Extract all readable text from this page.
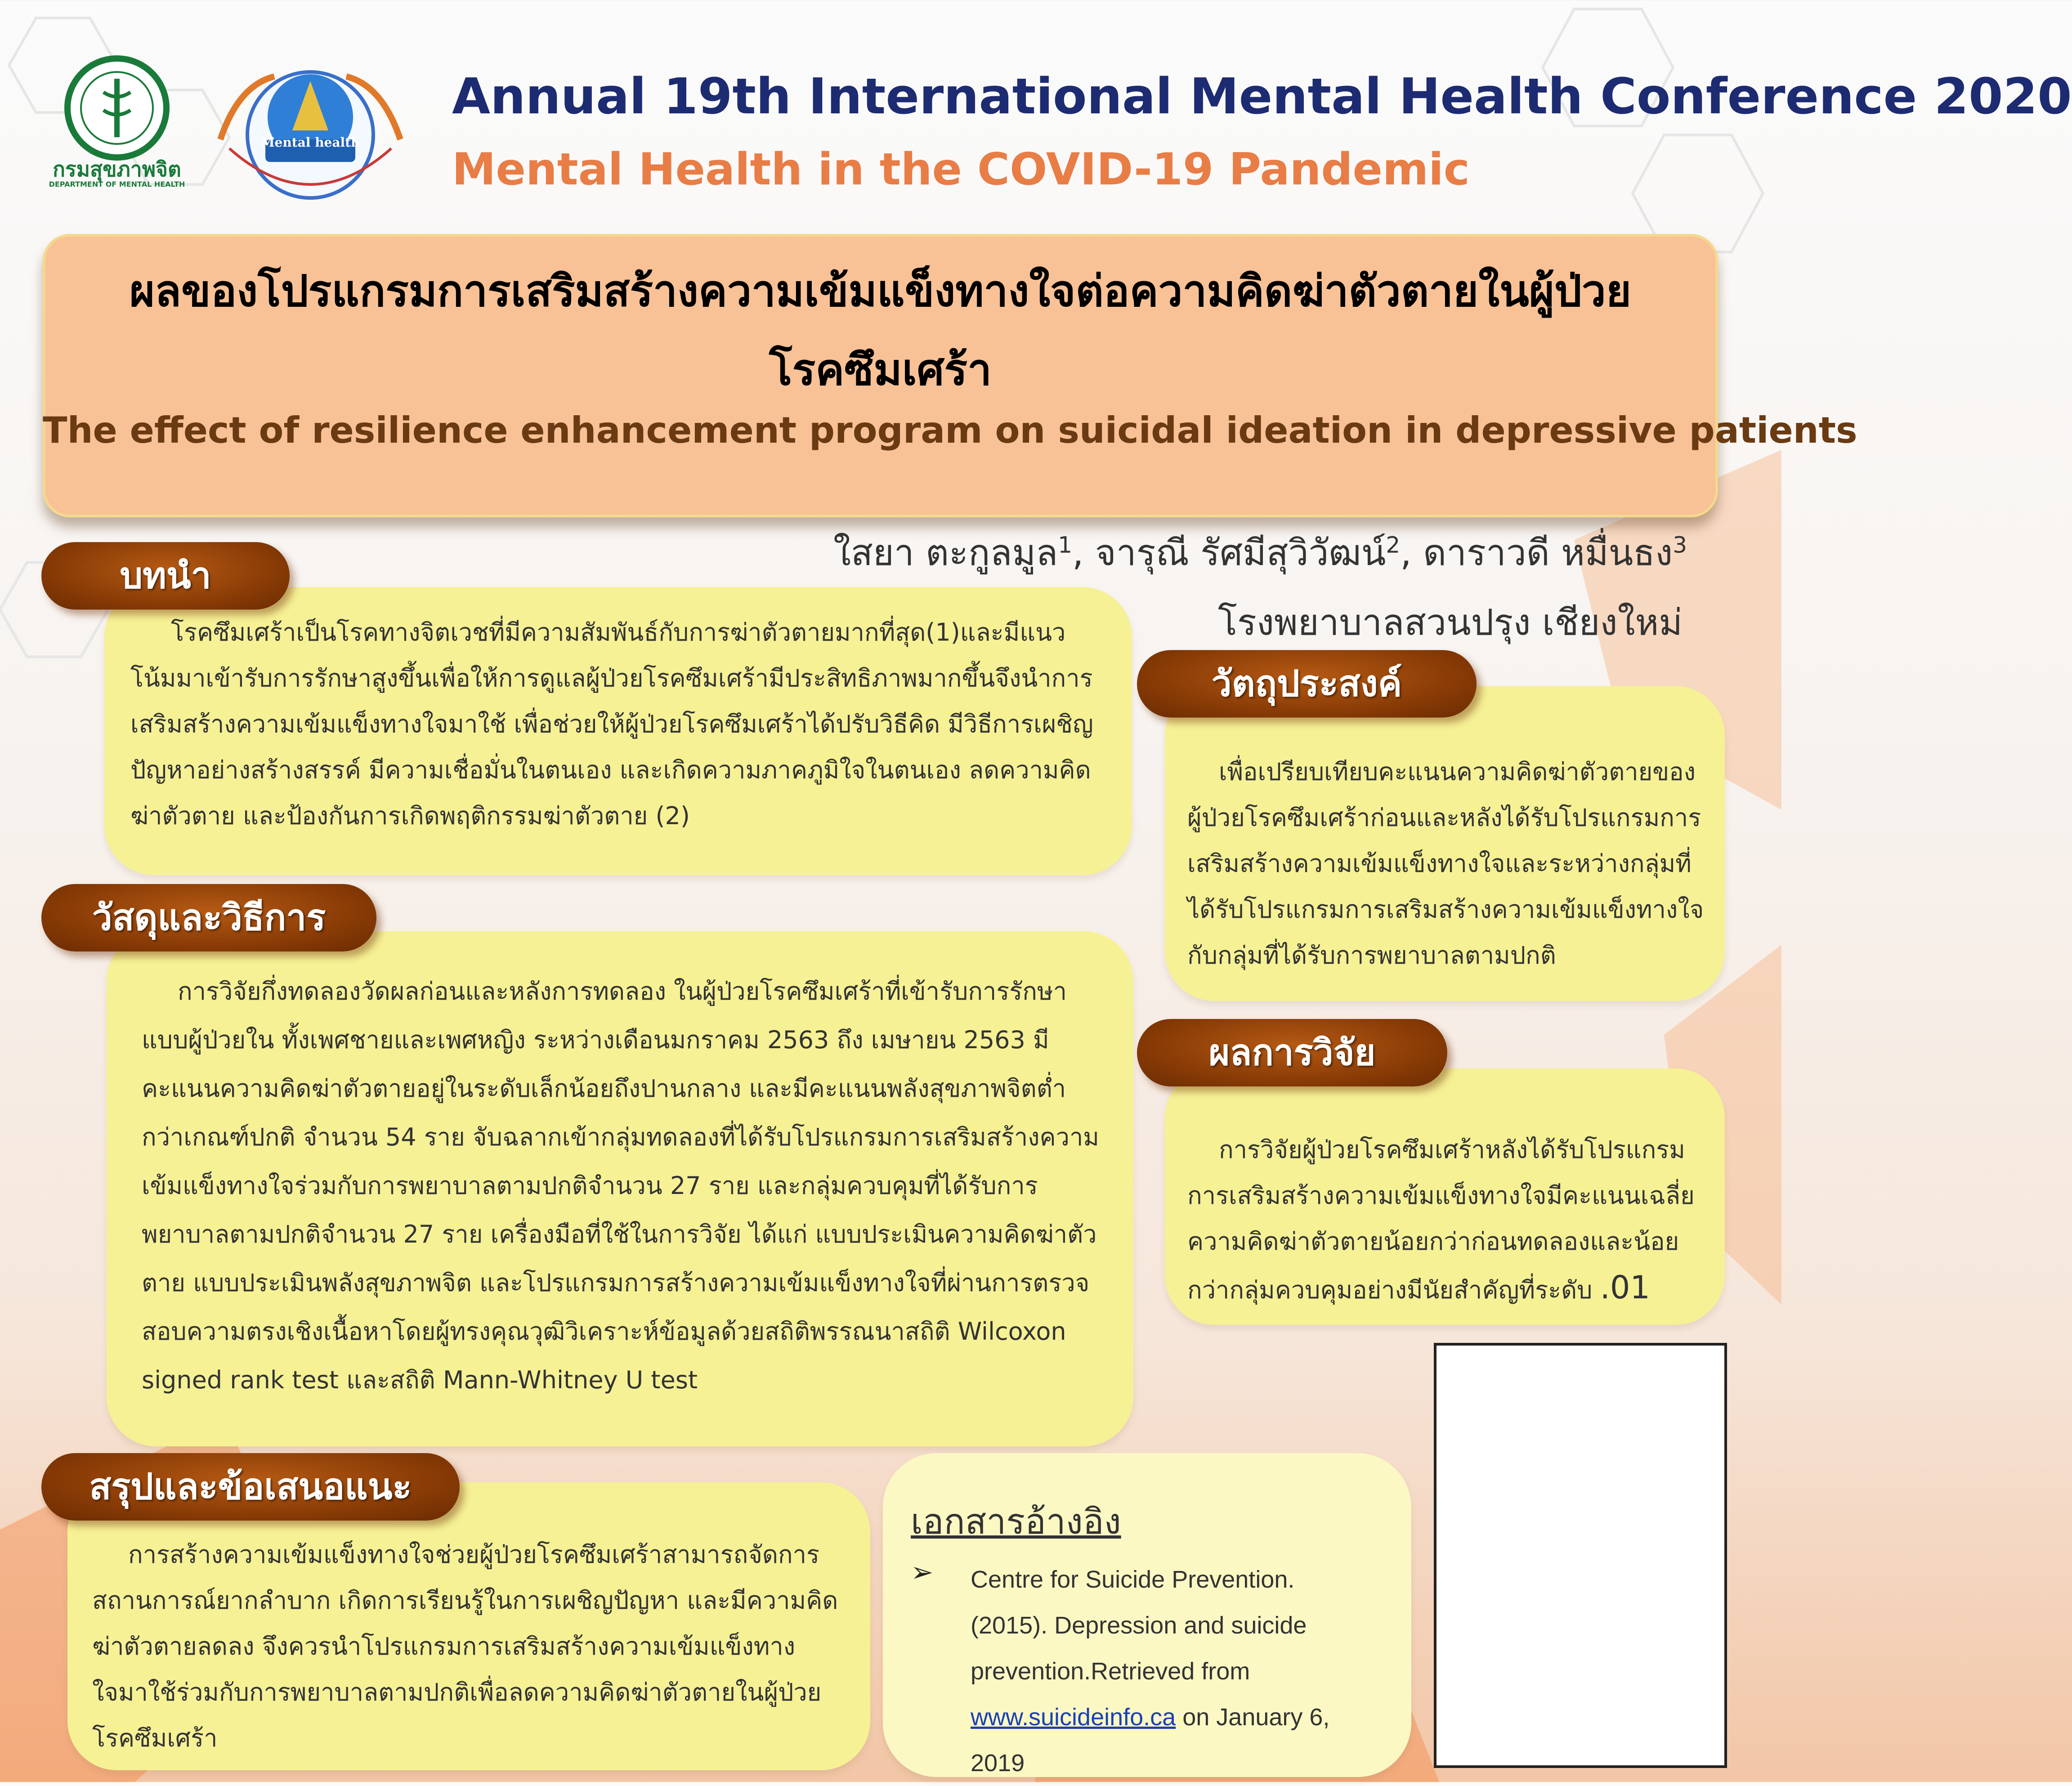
กรมสุขภาพจิต
DEPARTMENT OF MENTAL HEALTH
Mental health
Annual 19th International Mental Health Conference 2020
Mental Health in the COVID-19 Pandemic
ผลของโปรแกรมการเสริมสร้างความเข้มแข็งทางใจต่อความคิดฆ่าตัวตายในผู้ป่วยโรคซึมเศร้า
The effect of resilience enhancement program on suicidal ideation in depressive patients
ใสยา ตะกูลมูล$^1$, จารุณี รัศมีสุวิวัฒน์$^2$, ดาราวดี หมื่นธง$^3$
โรงพยาบาลสวนปรุง เชียงใหม่
โรคซึมเศร้าเป็นโรคทางจิตเวชที่มีความสัมพันธ์กับการฆ่าตัวตายมากที่สุด(1)และมีแนวโน้มมาเข้ารับการรักษาสูงขึ้นเพื่อให้การดูแลผู้ป่วยโรคซึมเศร้ามีประสิทธิภาพมากขึ้นจึงนำการเสริมสร้างความเข้มแข็งทางใจมาใช้ เพื่อช่วยให้ผู้ป่วยโรคซึมเศร้าได้ปรับวิธีคิด มีวิธีการเผชิญปัญหาอย่างสร้างสรรค์ มีความเชื่อมั่นในตนเอง และเกิดความภาคภูมิใจในตนเอง ลดความคิดฆ่าตัวตาย และป้องกันการเกิดพฤติกรรมฆ่าตัวตาย (2)
บทนำ
การวิจัยกึ่งทดลองวัดผลก่อนและหลังการทดลอง ในผู้ป่วยโรคซึมเศร้าที่เข้ารับการรักษาแบบผู้ป่วยใน ทั้งเพศชายและเพศหญิง ระหว่างเดือนมกราคม 2563 ถึง เมษายน 2563 มีคะแนนความคิดฆ่าตัวตายอยู่ในระดับเล็กน้อยถึงปานกลาง และมีคะแนนพลังสุขภาพจิตต่ำกว่าเกณฑ์ปกติ จำนวน 54 ราย จับฉลากเข้ากลุ่มทดลองที่ได้รับโปรแกรมการเสริมสร้างความเข้มแข็งทางใจร่วมกับการพยาบาลตามปกติจำนวน 27 ราย และกลุ่มควบคุมที่ได้รับการพยาบาลตามปกติจำนวน 27 ราย เครื่องมือที่ใช้ในการวิจัย ได้แก่ แบบประเมินความคิดฆ่าตัวตาย แบบประเมินพลังสุขภาพจิต และโปรแกรมการสร้างความเข้มแข็งทางใจที่ผ่านการตรวจสอบความตรงเชิงเนื้อหาโดยผู้ทรงคุณวุฒิวิเคราะห์ข้อมูลด้วยสถิติพรรณนาสถิติ Wilcoxon signed rank test และสถิติ Mann-Whitney U test
วัสดุและวิธีการ
การสร้างความเข้มแข็งทางใจช่วยผู้ป่วยโรคซึมเศร้าสามารถจัดการสถานการณ์ยากลำบาก เกิดการเรียนรู้ในการเผชิญปัญหา และมีความคิดฆ่าตัวตายลดลง จึงควรนำโปรแกรมการเสริมสร้างความเข้มแข็งทางใจมาใช้ร่วมกับการพยาบาลตามปกติเพื่อลดความคิดฆ่าตัวตายในผู้ป่วยโรคซึมเศร้า
สรุปและข้อเสนอแนะ
เพื่อเปรียบเทียบคะแนนความคิดฆ่าตัวตายของผู้ป่วยโรคซึมเศร้าก่อนและหลังได้รับโปรแกรมการเสริมสร้างความเข้มแข็งทางใจและระหว่างกลุ่มที่ได้รับโปรแกรมการเสริมสร้างความเข้มแข็งทางใจกับกลุ่มที่ได้รับการพยาบาลตามปกติ
วัตถุประสงค์
การวิจัยผู้ป่วยโรคซึมเศร้าหลังได้รับโปรแกรมการเสริมสร้างความเข้มแข็งทางใจมีคะแนนเฉลี่ยความคิดฆ่าตัวตายน้อยกว่าก่อนทดลองและน้อยกว่ากลุ่มควบคุมอย่างมีนัยสำคัญที่ระดับ .01
ผลการวิจัย
เอกสารอ้างอิง
➢ Centre for Suicide Prevention. (2015). Depression and suicide prevention.Retrieved from
www.suicideinfo.ca on January 6, 2019
